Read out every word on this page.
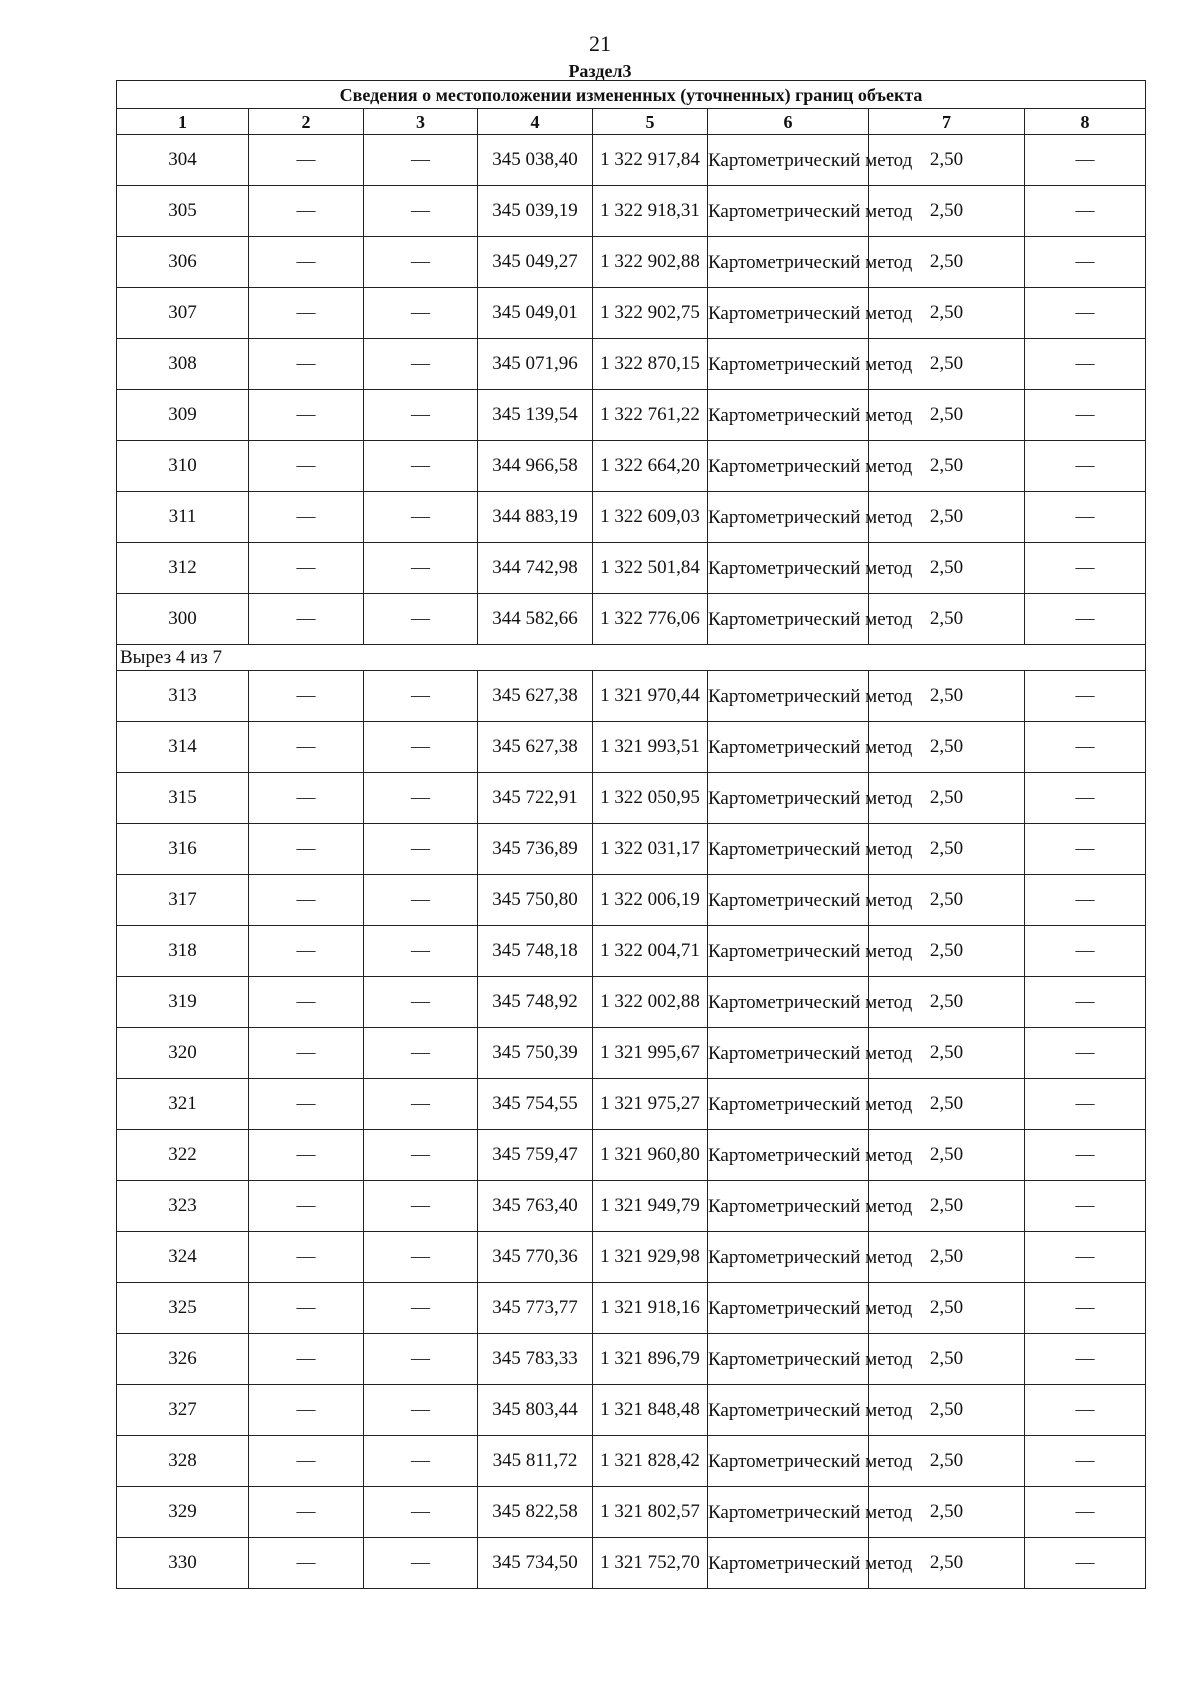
21
Раздел3
Сведения о местоположении измененных (уточненных) границ объекта							
1	2	3	4	5	6	7	8
304	—	—	345 038,40	1 322 917,84	Картометрический метод	2,50	—
305	—	—	345 039,19	1 322 918,31	Картометрический метод	2,50	—
306	—	—	345 049,27	1 322 902,88	Картометрический метод	2,50	—
307	—	—	345 049,01	1 322 902,75	Картометрический метод	2,50	—
308	—	—	345 071,96	1 322 870,15	Картометрический метод	2,50	—
309	—	—	345 139,54	1 322 761,22	Картометрический метод	2,50	—
310	—	—	344 966,58	1 322 664,20	Картометрический метод	2,50	—
311	—	—	344 883,19	1 322 609,03	Картометрический метод	2,50	—
312	—	—	344 742,98	1 322 501,84	Картометрический метод	2,50	—
300	—	—	344 582,66	1 322 776,06	Картометрический метод	2,50	—
Вырез 4 из 7							
313	—	—	345 627,38	1 321 970,44	Картометрический метод	2,50	—
314	—	—	345 627,38	1 321 993,51	Картометрический метод	2,50	—
315	—	—	345 722,91	1 322 050,95	Картометрический метод	2,50	—
316	—	—	345 736,89	1 322 031,17	Картометрический метод	2,50	—
317	—	—	345 750,80	1 322 006,19	Картометрический метод	2,50	—
318	—	—	345 748,18	1 322 004,71	Картометрический метод	2,50	—
319	—	—	345 748,92	1 322 002,88	Картометрический метод	2,50	—
320	—	—	345 750,39	1 321 995,67	Картометрический метод	2,50	—
321	—	—	345 754,55	1 321 975,27	Картометрический метод	2,50	—
322	—	—	345 759,47	1 321 960,80	Картометрический метод	2,50	—
323	—	—	345 763,40	1 321 949,79	Картометрический метод	2,50	—
324	—	—	345 770,36	1 321 929,98	Картометрический метод	2,50	—
325	—	—	345 773,77	1 321 918,16	Картометрический метод	2,50	—
326	—	—	345 783,33	1 321 896,79	Картометрический метод	2,50	—
327	—	—	345 803,44	1 321 848,48	Картометрический метод	2,50	—
328	—	—	345 811,72	1 321 828,42	Картометрический метод	2,50	—
329	—	—	345 822,58	1 321 802,57	Картометрический метод	2,50	—
330	—	—	345 734,50	1 321 752,70	Картометрический метод	2,50	—
